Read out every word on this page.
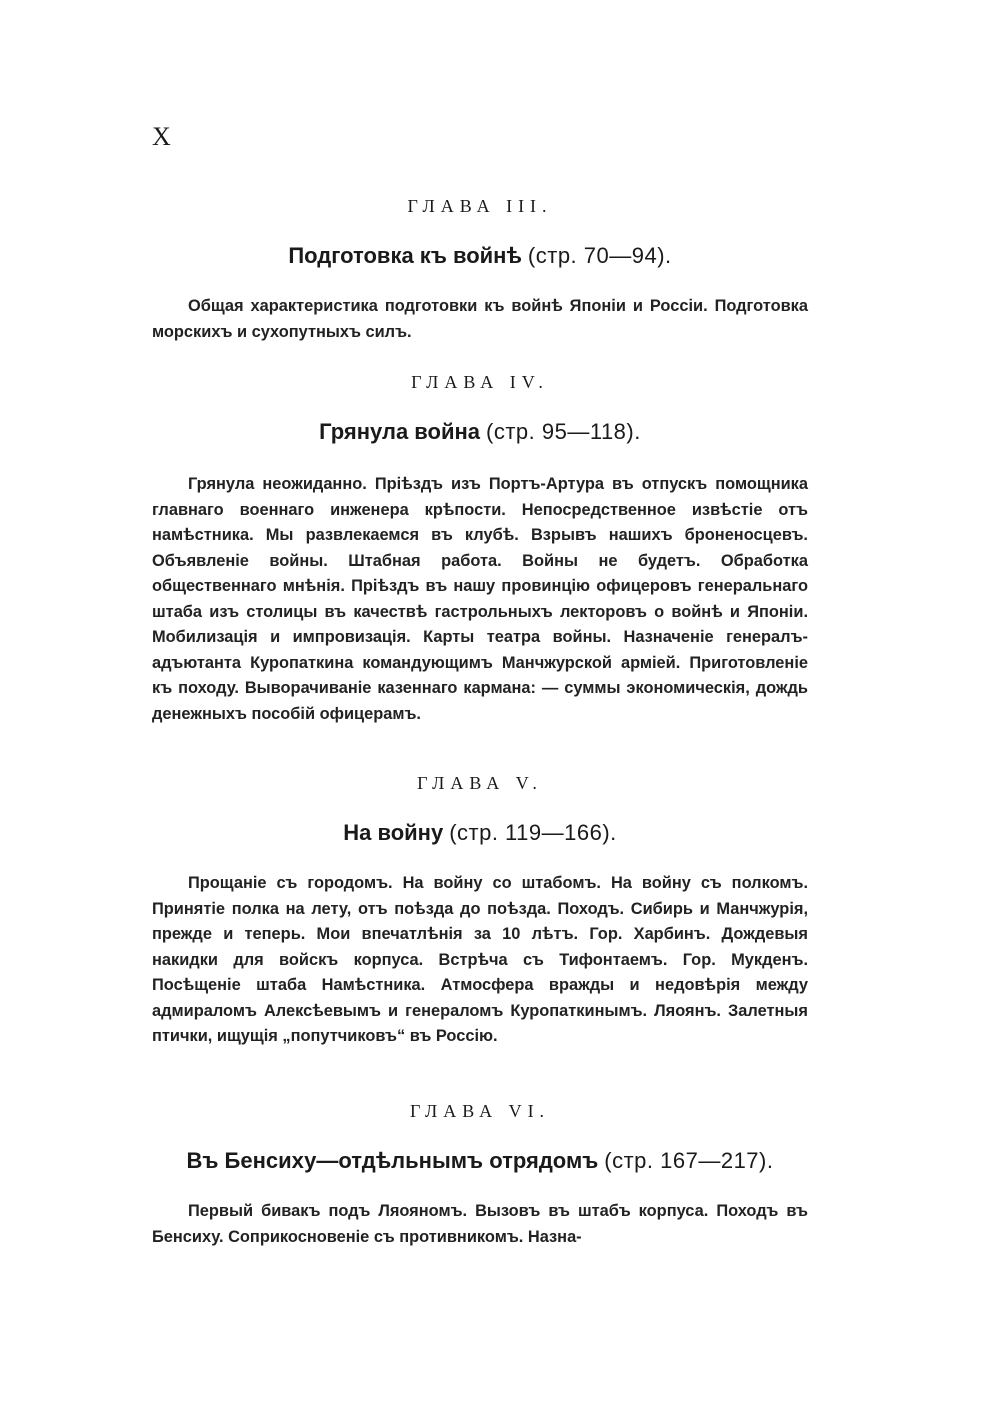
X

ГЛАВА III.

Подготовка къ войнѣ (стр. 70—94).

Общая характеристика подготовки къ войнѣ Японіи и Россіи. Подготовка морскихъ и сухопутныхъ силъ.

ГЛАВА IV.

Грянула война (стр. 95—118).

Грянула неожиданно. Пріѣздъ изъ Портъ-Артура въ отпускъ помощника главнаго военнаго инженера крѣпости. Непосредственное извѣстіе отъ намѣстника. Мы развлекаемся въ клубѣ. Взрывъ нашихъ броненосцевъ. Объявленіе войны. Штабная работа. Войны не будетъ. Обработка общественнаго мнѣнія. Пріѣздъ въ нашу провинцію офицеровъ генеральнаго штаба изъ столицы въ качествѣ гастрольныхъ лекторовъ о войнѣ и Японіи. Мобилизація и импровизація. Карты театра войны. Назначеніе генералъ-адъютанта Куропаткина командующимъ Манчжурской арміей. Приготовленіе къ походу. Выворачиваніе казеннаго кармана: — суммы экономическія, дождь денежныхъ пособій офицерамъ.

ГЛАВА V.

На войну (стр. 119—166).

Прощаніе съ городомъ. На войну со штабомъ. На войну съ полкомъ. Принятіе полка на лету, отъ поѣзда до поѣзда. Походъ. Сибирь и Манчжурія, прежде и теперь. Мои впечатлѣнія за 10 лѣтъ. Гор. Харбинъ. Дождевыя накидки для войскъ корпуса. Встрѣча съ Тифонтаемъ. Гор. Мукденъ. Посѣщеніе штаба Намѣстника. Атмосфера вражды и недовѣрія между адмираломъ Алексѣевымъ и генераломъ Куропаткинымъ. Ляоянъ. Залетныя птички, ищущія „попутчиковъ“ въ Россію.

ГЛАВА VI.

Въ Бенсиху—отдѣльнымъ отрядомъ (стр. 167—217).

Первый бивакъ подъ Ляояномъ. Вызовъ въ штабъ корпуса. Походъ въ Бенсиху. Соприкосновеніе съ противникомъ. Назна-
